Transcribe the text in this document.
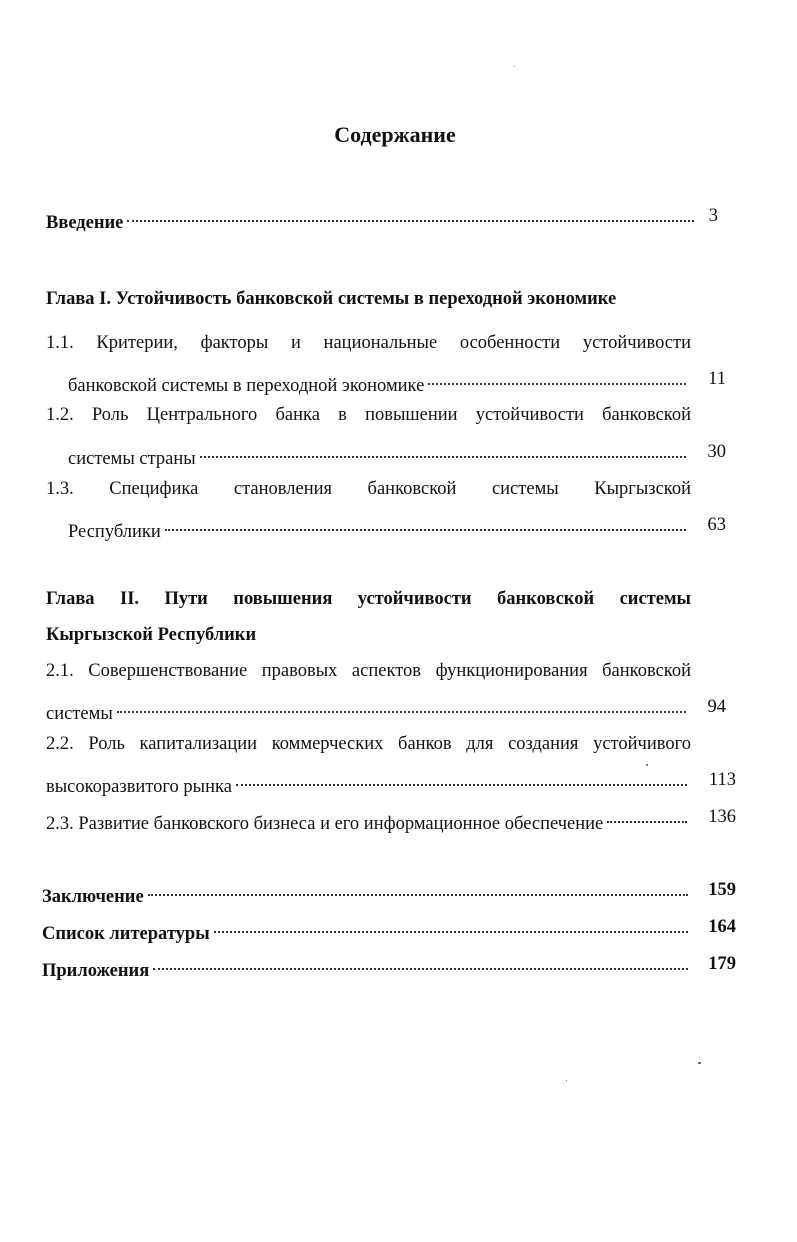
Содержание
Введение	3
Глава I. Устойчивость банковской системы в переходной экономике
1.1. Критерии, факторы и национальные особенности устойчивости
банковской системы в переходной экономике	11
1.2. Роль Центрального банка в повышении устойчивости банковской
системы страны	30
1.3. Специфика становления банковской системы Кыргызской
Республики	63
Глава II. Пути повышения устойчивости банковской системы
Кыргызской Республики
2.1. Совершенствование правовых аспектов функционирования банковской
системы	94
2.2. Роль капитализации коммерческих банков для создания устойчивого
высокоразвитого рынка	113
2.3. Развитие банковского бизнеса и его информационное обеспечение	136
Заключение	159
Список литературы	164
Приложения	179
